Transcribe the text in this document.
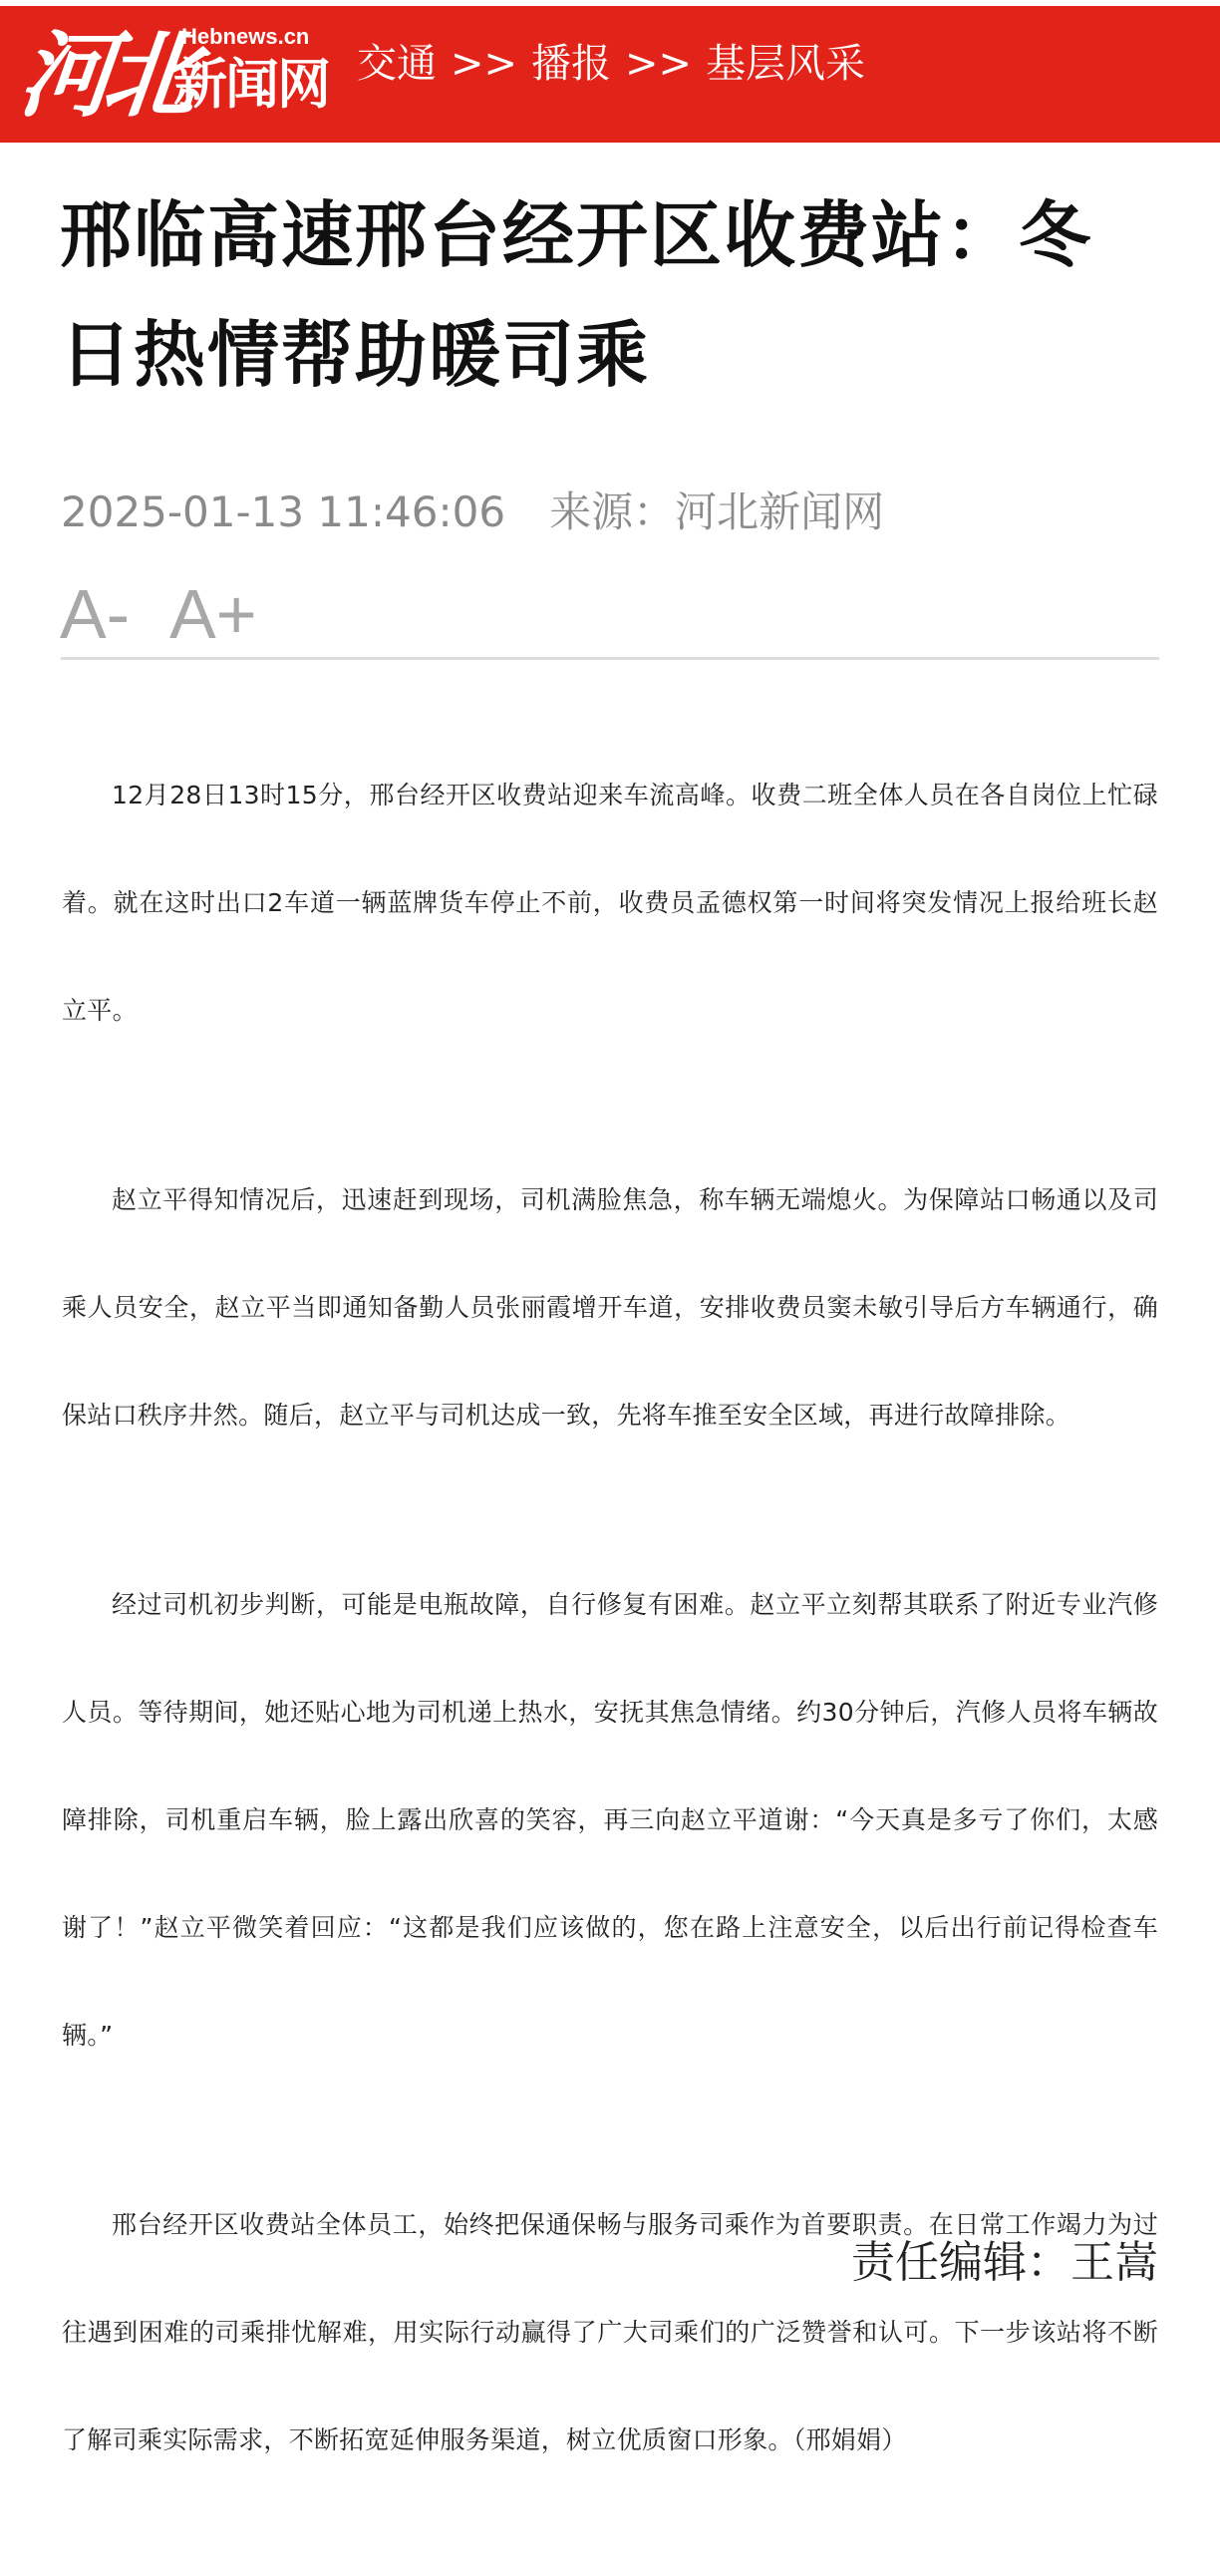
河北
Hebnews.cn
新闻网 交通 >> 播报 >> 基层风采
邢临高速邢台经开区收费站：冬日热情帮助暖司乘
2025-01-13 11:46:06 来源：河北新闻网
A- A+

12月28日13时15分，邢台经开区收费站迎来车流高峰。收费二班全体人员在各自岗位上忙碌着。就在这时出口2车道一辆蓝牌货车停止不前，收费员孟德权第一时间将突发情况上报给班长赵立平。

赵立平得知情况后，迅速赶到现场，司机满脸焦急，称车辆无端熄火。为保障站口畅通以及司乘人员安全，赵立平当即通知备勤人员张丽霞增开车道，安排收费员窦未敏引导后方车辆通行，确保站口秩序井然。随后，赵立平与司机达成一致，先将车推至安全区域，再进行故障排除。

经过司机初步判断，可能是电瓶故障，自行修复有困难。赵立平立刻帮其联系了附近专业汽修人员。等待期间，她还贴心地为司机递上热水，安抚其焦急情绪。约30分钟后，汽修人员将车辆故障排除，司机重启车辆，脸上露出欣喜的笑容，再三向赵立平道谢：“今天真是多亏了你们，太感谢了！”赵立平微笑着回应：“这都是我们应该做的，您在路上注意安全，以后出行前记得检查车辆。”

邢台经开区收费站全体员工，始终把保通保畅与服务司乘作为首要职责。在日常工作竭力为过往遇到困难的司乘排忧解难，用实际行动赢得了广大司乘们的广泛赞誉和认可。下一步该站将不断了解司乘实际需求，不断拓宽延伸服务渠道，树立优质窗口形象。（邢娟娟）

责任编辑：王嵩
